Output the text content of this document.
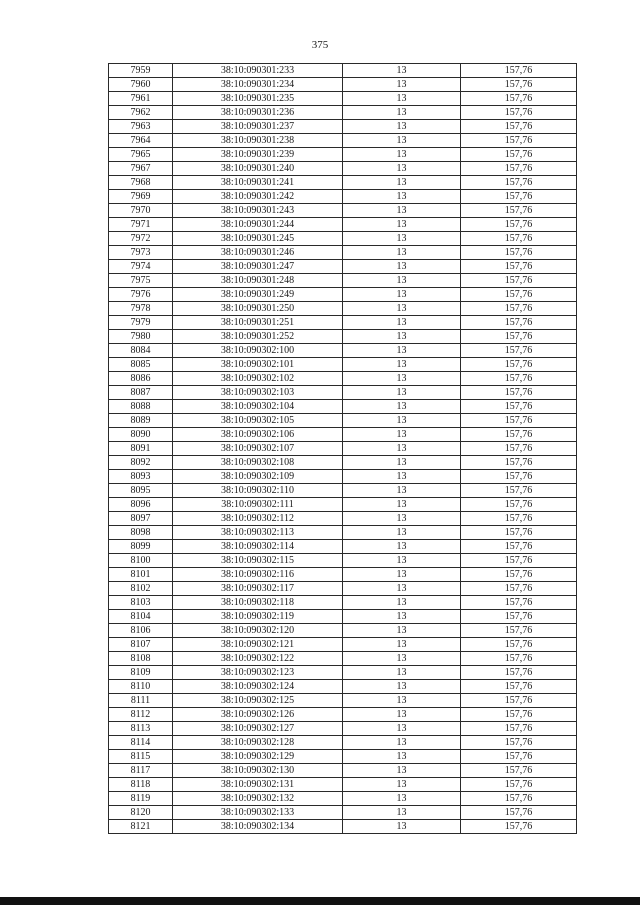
375
7959	38:10:090301:233	13	157,76
7960	38:10:090301:234	13	157,76
7961	38:10:090301:235	13	157,76
7962	38:10:090301:236	13	157,76
7963	38:10:090301:237	13	157,76
7964	38:10:090301:238	13	157,76
7965	38:10:090301:239	13	157,76
7967	38:10:090301:240	13	157,76
7968	38:10:090301:241	13	157,76
7969	38:10:090301:242	13	157,76
7970	38:10:090301:243	13	157,76
7971	38:10:090301:244	13	157,76
7972	38:10:090301:245	13	157,76
7973	38:10:090301:246	13	157,76
7974	38:10:090301:247	13	157,76
7975	38:10:090301:248	13	157,76
7976	38:10:090301:249	13	157,76
7978	38:10:090301:250	13	157,76
7979	38:10:090301:251	13	157,76
7980	38:10:090301:252	13	157,76
8084	38:10:090302:100	13	157,76
8085	38:10:090302:101	13	157,76
8086	38:10:090302:102	13	157,76
8087	38:10:090302:103	13	157,76
8088	38:10:090302:104	13	157,76
8089	38:10:090302:105	13	157,76
8090	38:10:090302:106	13	157,76
8091	38:10:090302:107	13	157,76
8092	38:10:090302:108	13	157,76
8093	38:10:090302:109	13	157,76
8095	38:10:090302:110	13	157,76
8096	38:10:090302:111	13	157,76
8097	38:10:090302:112	13	157,76
8098	38:10:090302:113	13	157,76
8099	38:10:090302:114	13	157,76
8100	38:10:090302:115	13	157,76
8101	38:10:090302:116	13	157,76
8102	38:10:090302:117	13	157,76
8103	38:10:090302:118	13	157,76
8104	38:10:090302:119	13	157,76
8106	38:10:090302:120	13	157,76
8107	38:10:090302:121	13	157,76
8108	38:10:090302:122	13	157,76
8109	38:10:090302:123	13	157,76
8110	38:10:090302:124	13	157,76
8111	38:10:090302:125	13	157,76
8112	38:10:090302:126	13	157,76
8113	38:10:090302:127	13	157,76
8114	38:10:090302:128	13	157,76
8115	38:10:090302:129	13	157,76
8117	38:10:090302:130	13	157,76
8118	38:10:090302:131	13	157,76
8119	38:10:090302:132	13	157,76
8120	38:10:090302:133	13	157,76
8121	38:10:090302:134	13	157,76
